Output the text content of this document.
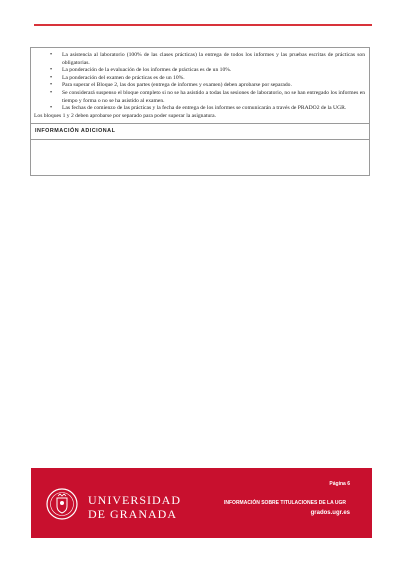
• La asistencia al laboratorio (100% de las clases prácticas) la entrega de todos los informes y las pruebas escritas de prácticas son obligatorias.
• La ponderación de la evaluación de los informes de prácticas es de un 10%.
• La ponderación del examen de prácticas es de un 10%.
• Para superar el Bloque 2, las dos partes (entrega de informes y examen) deben aprobarse por separado.
• Se considerará suspenso el bloque completo si no se ha asistido a todas las sesiones de laboratorio, no se han entregado los informes en tiempo y forma o no se ha asistido al examen.
• Las fechas de comienzo de las prácticas y la fecha de entrega de los informes se comunicarán a través de PRADO2 de la UGR.
Los bloques 1 y 2 deben aprobarse por separado para poder superar la asignatura.
INFORMACIÓN ADICIONAL
UNIVERSIDAD
DE GRANADA
Página 6
INFORMACIÓN SOBRE TITULACIONES DE LA UGR
grados.ugr.es
